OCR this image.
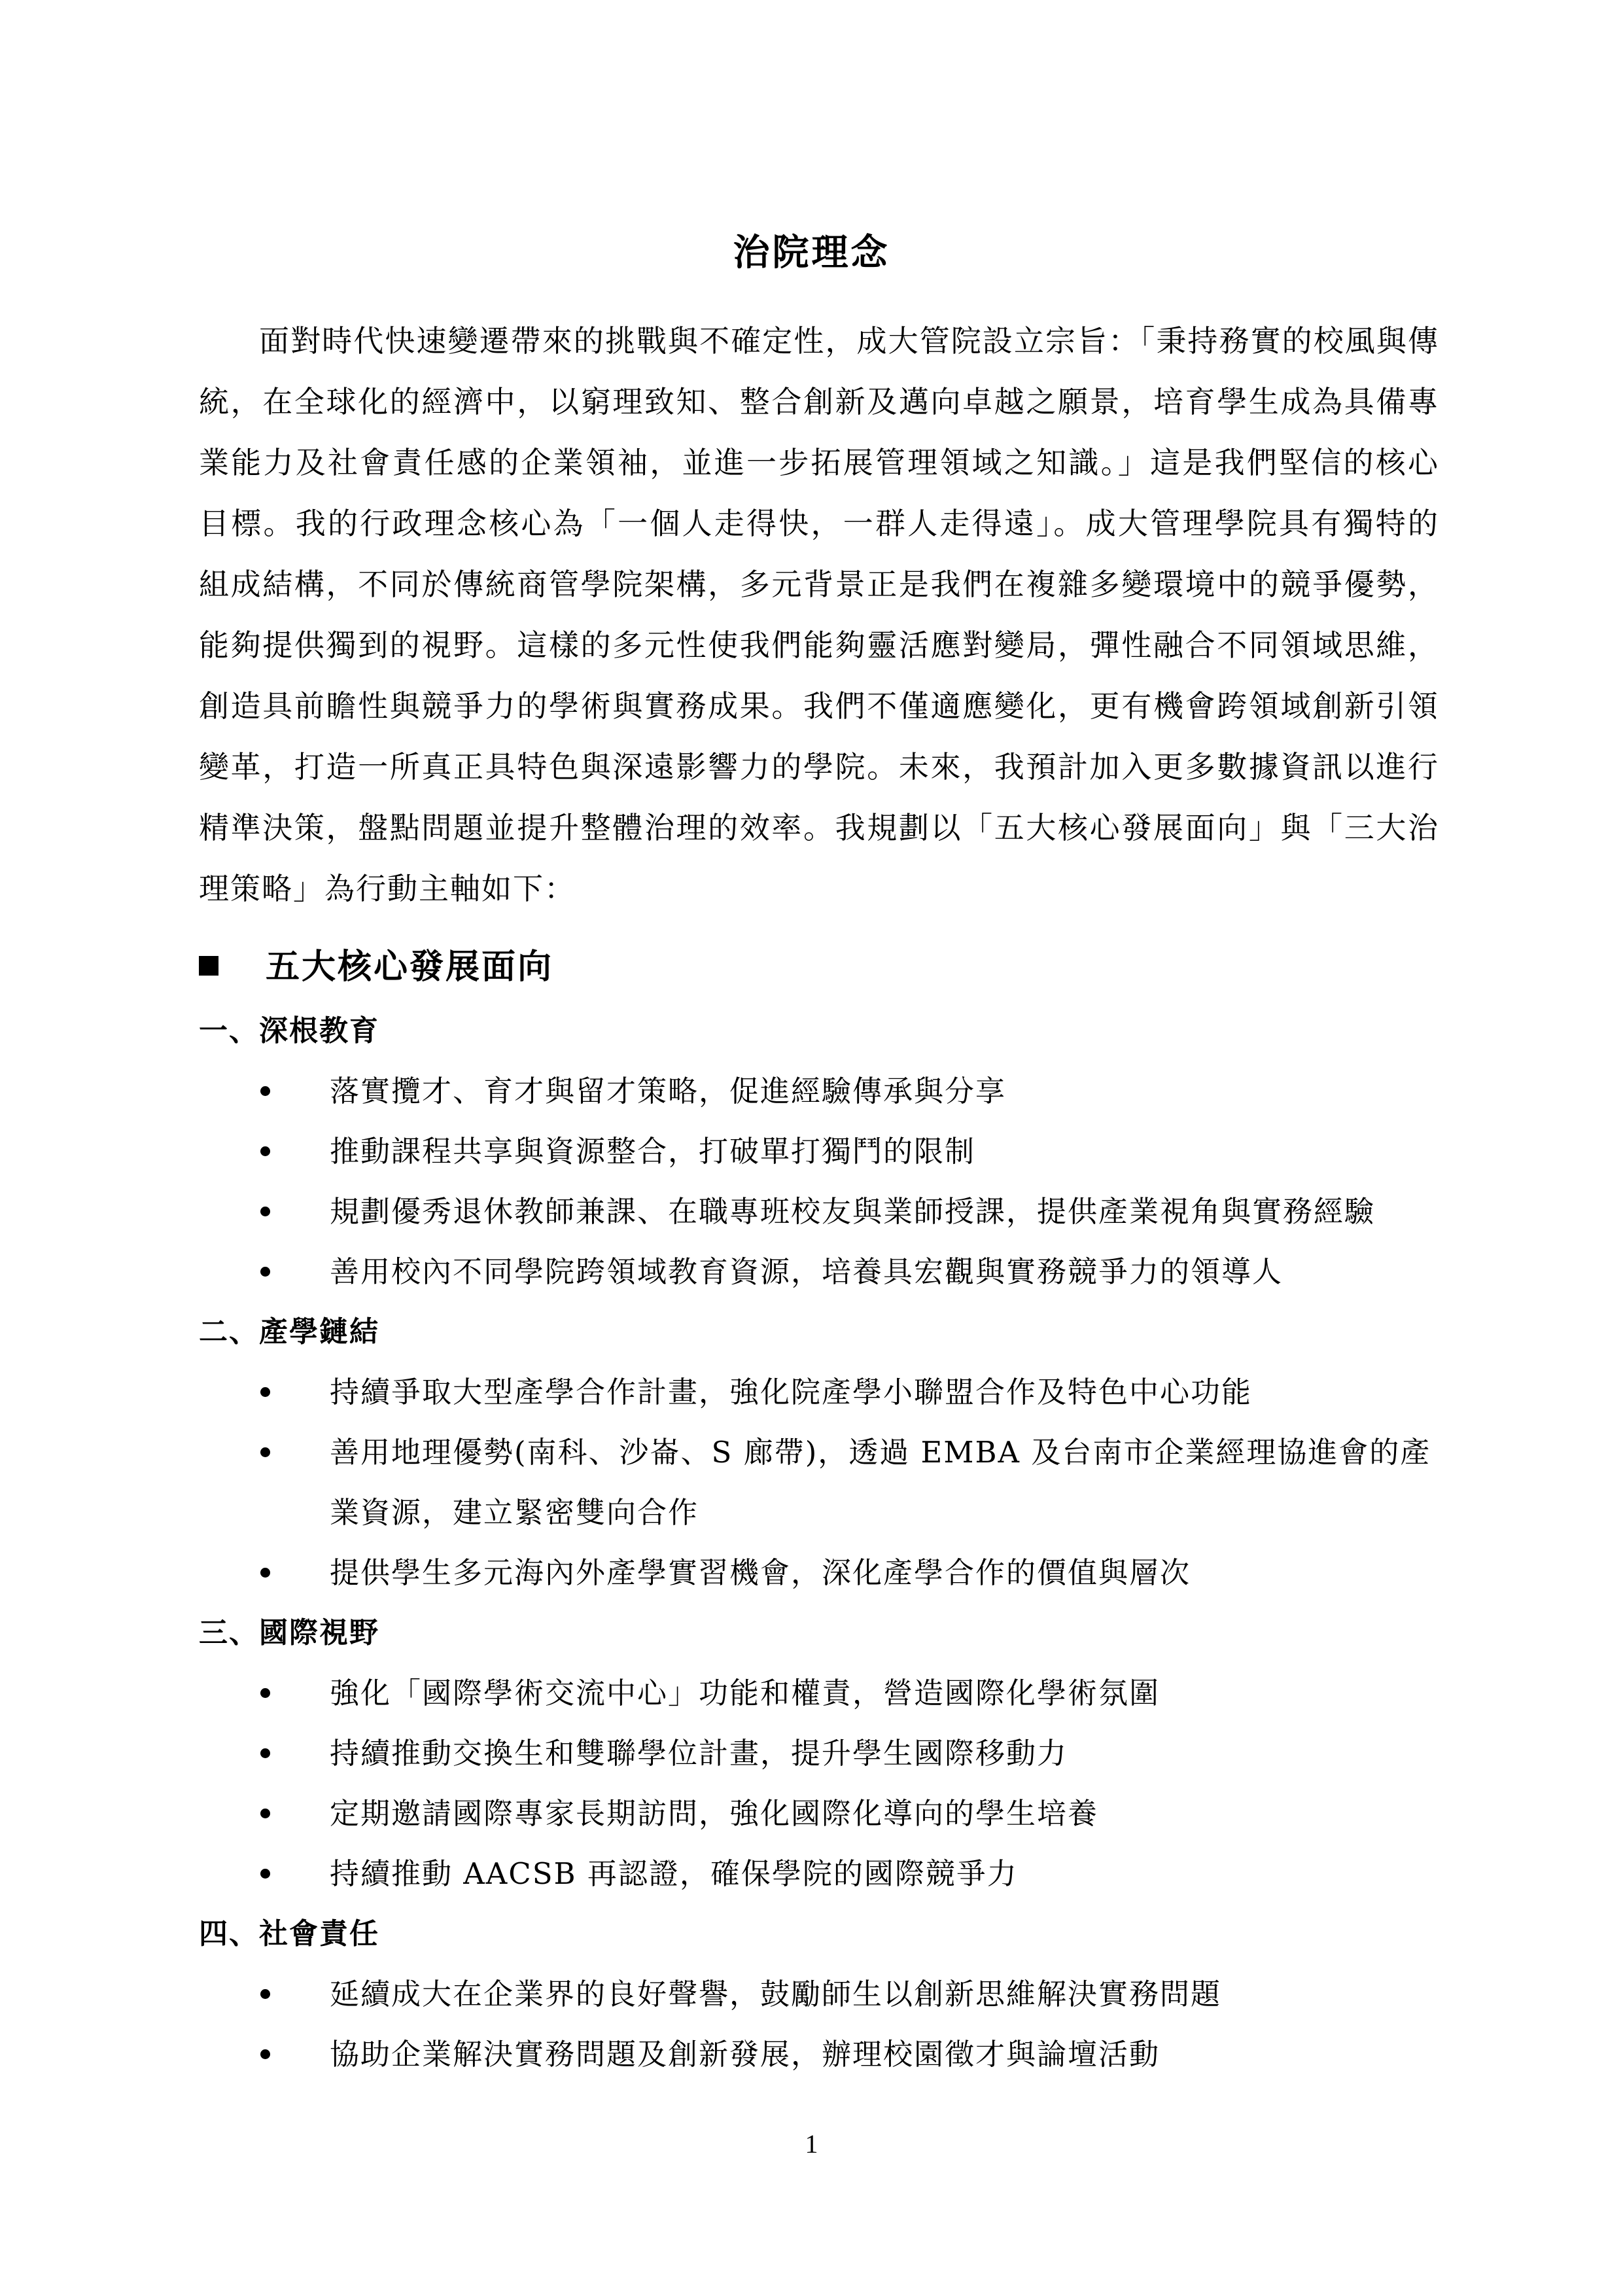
治院理念

面對時代快速變遷帶來的挑戰與不確定性，成大管院設立宗旨：「秉持務實的校風與傳統，在全球化的經濟中，以窮理致知、整合創新及邁向卓越之願景，培育學生成為具備專業能力及社會責任感的企業領袖，並進一步拓展管理領域之知識。」這是我們堅信的核心目標。我的行政理念核心為「一個人走得快，一群人走得遠」。成大管理學院具有獨特的組成結構，不同於傳統商管學院架構，多元背景正是我們在複雜多變環境中的競爭優勢，能夠提供獨到的視野。這樣的多元性使我們能夠靈活應對變局，彈性融合不同領域思維，創造具前瞻性與競爭力的學術與實務成果。我們不僅適應變化，更有機會跨領域創新引領變革，打造一所真正具特色與深遠影響力的學院。未來，我預計加入更多數據資訊以進行精準決策，盤點問題並提升整體治理的效率。我規劃以「五大核心發展面向」與「三大治理策略」為行動主軸如下：

五大核心發展面向
一、深根教育
落實攬才、育才與留才策略，促進經驗傳承與分享
推動課程共享與資源整合，打破單打獨鬥的限制
規劃優秀退休教師兼課、在職專班校友與業師授課，提供產業視角與實務經驗
善用校內不同學院跨領域教育資源，培養具宏觀與實務競爭力的領導人
二、產學鏈結
持續爭取大型產學合作計畫，強化院產學小聯盟合作及特色中心功能
善用地理優勢(南科、沙崙、S 廊帶)，透過 EMBA 及台南市企業經理協進會的產業資源，建立緊密雙向合作
提供學生多元海內外產學實習機會，深化產學合作的價值與層次
三、國際視野
強化「國際學術交流中心」功能和權責，營造國際化學術氛圍
持續推動交換生和雙聯學位計畫，提升學生國際移動力
定期邀請國際專家長期訪問，強化國際化導向的學生培養
持續推動 AACSB 再認證，確保學院的國際競爭力
四、社會責任
延續成大在企業界的良好聲譽，鼓勵師生以創新思維解決實務問題
協助企業解決實務問題及創新發展，辦理校園徵才與論壇活動
1
